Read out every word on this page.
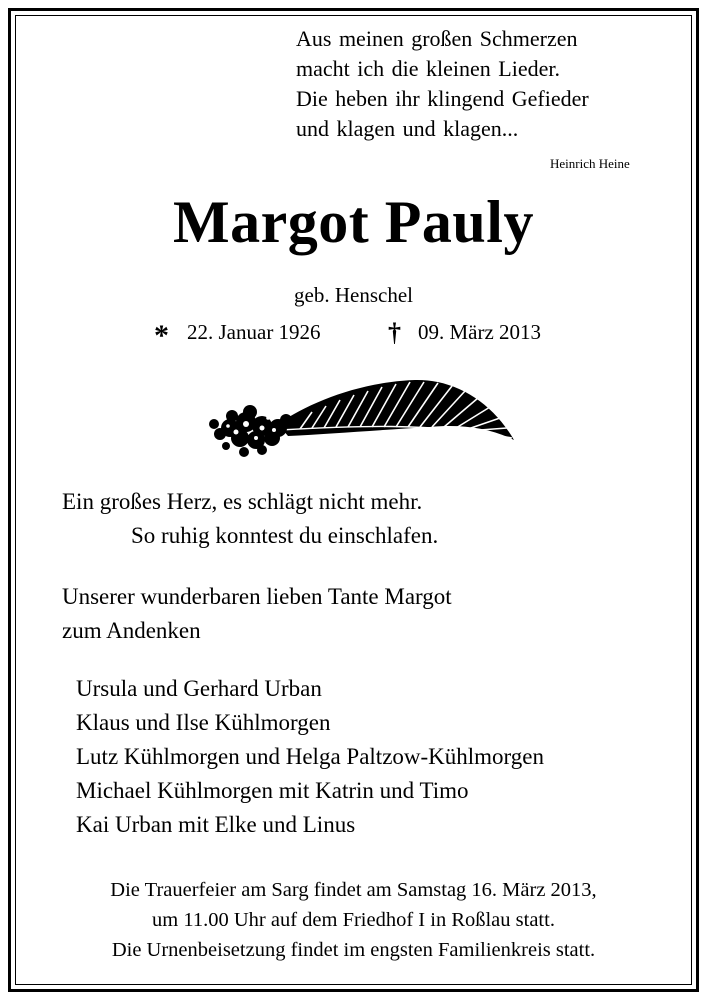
Aus meinen großen Schmerzen
macht ich die kleinen Lieder.
Die heben ihr klingend Gefieder
und klagen und klagen...
Heinrich Heine
Margot Pauly
geb. Henschel
* 22. Januar 1926	† 09. März 2013
Ein großes Herz, es schlägt nicht mehr.
So ruhig konntest du einschlafen.
Unserer wunderbaren lieben Tante Margot
zum Andenken
Ursula und Gerhard Urban
Klaus und Ilse Kühlmorgen
Lutz Kühlmorgen und Helga Paltzow-Kühlmorgen
Michael Kühlmorgen mit Katrin und Timo
Kai Urban mit Elke und Linus
Die Trauerfeier am Sarg findet am Samstag 16. März 2013,
um 11.00 Uhr auf dem Friedhof I in Roßlau statt.
Die Urnenbeisetzung findet im engsten Familienkreis statt.
